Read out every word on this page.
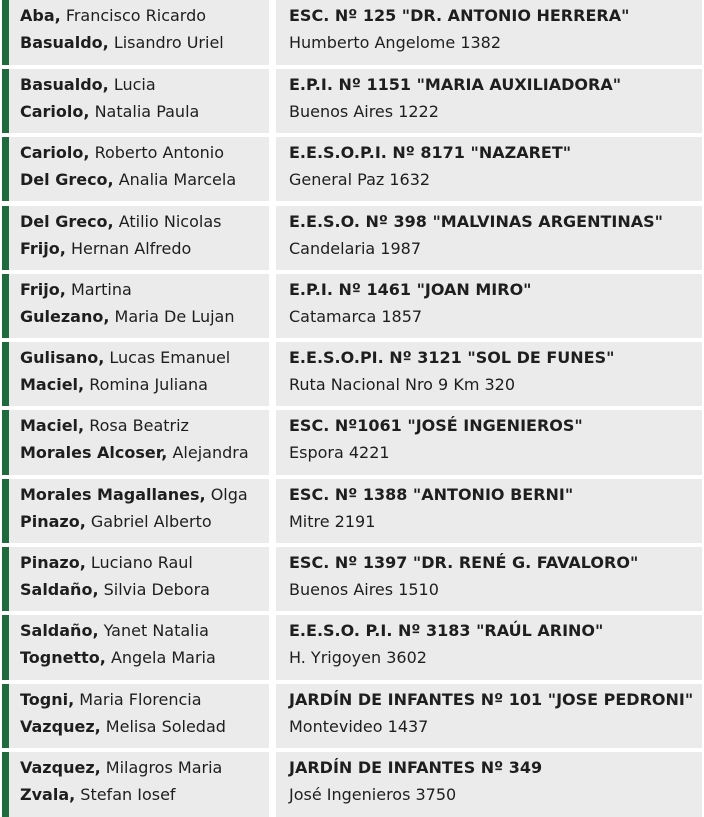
Aba, Francisco Ricardo
Basualdo, Lisandro Uriel
ESC. Nº 125 "DR. ANTONIO HERRERA"
Humberto Angelome 1382
Basualdo, Lucia
Cariolo, Natalia Paula
E.P.I. Nº 1151 "MARIA AUXILIADORA"
Buenos Aires 1222
Cariolo, Roberto Antonio
Del Greco, Analia Marcela
E.E.S.O.P.I. Nº 8171 "NAZARET"
General Paz 1632
Del Greco, Atilio Nicolas
Frijo, Hernan Alfredo
E.E.S.O. Nº 398 "MALVINAS ARGENTINAS"
Candelaria 1987
Frijo, Martina
Gulezano, Maria De Lujan
E.P.I. Nº 1461 "JOAN MIRO"
Catamarca 1857
Gulisano, Lucas Emanuel
Maciel, Romina Juliana
E.E.S.O.PI. Nº 3121 "SOL DE FUNES"
Ruta Nacional Nro 9 Km 320
Maciel, Rosa Beatriz
Morales Alcoser, Alejandra
ESC. Nº1061 "JOSÉ INGENIEROS"
Espora 4221
Morales Magallanes, Olga
Pinazo, Gabriel Alberto
ESC. Nº 1388 "ANTONIO BERNI"
Mitre 2191
Pinazo, Luciano Raul
Saldaño, Silvia Debora
ESC. Nº 1397 "DR. RENÉ G. FAVALORO"
Buenos Aires 1510
Saldaño, Yanet Natalia
Tognetto, Angela Maria
E.E.S.O. P.I. Nº 3183 "RAÚL ARINO"
H. Yrigoyen 3602
Togni, Maria Florencia
Vazquez, Melisa Soledad
JARDÍN DE INFANTES Nº 101 "JOSE PEDRONI"
Montevideo 1437
Vazquez, Milagros Maria
Zvala, Stefan Iosef
JARDÍN DE INFANTES Nº 349
José Ingenieros 3750
